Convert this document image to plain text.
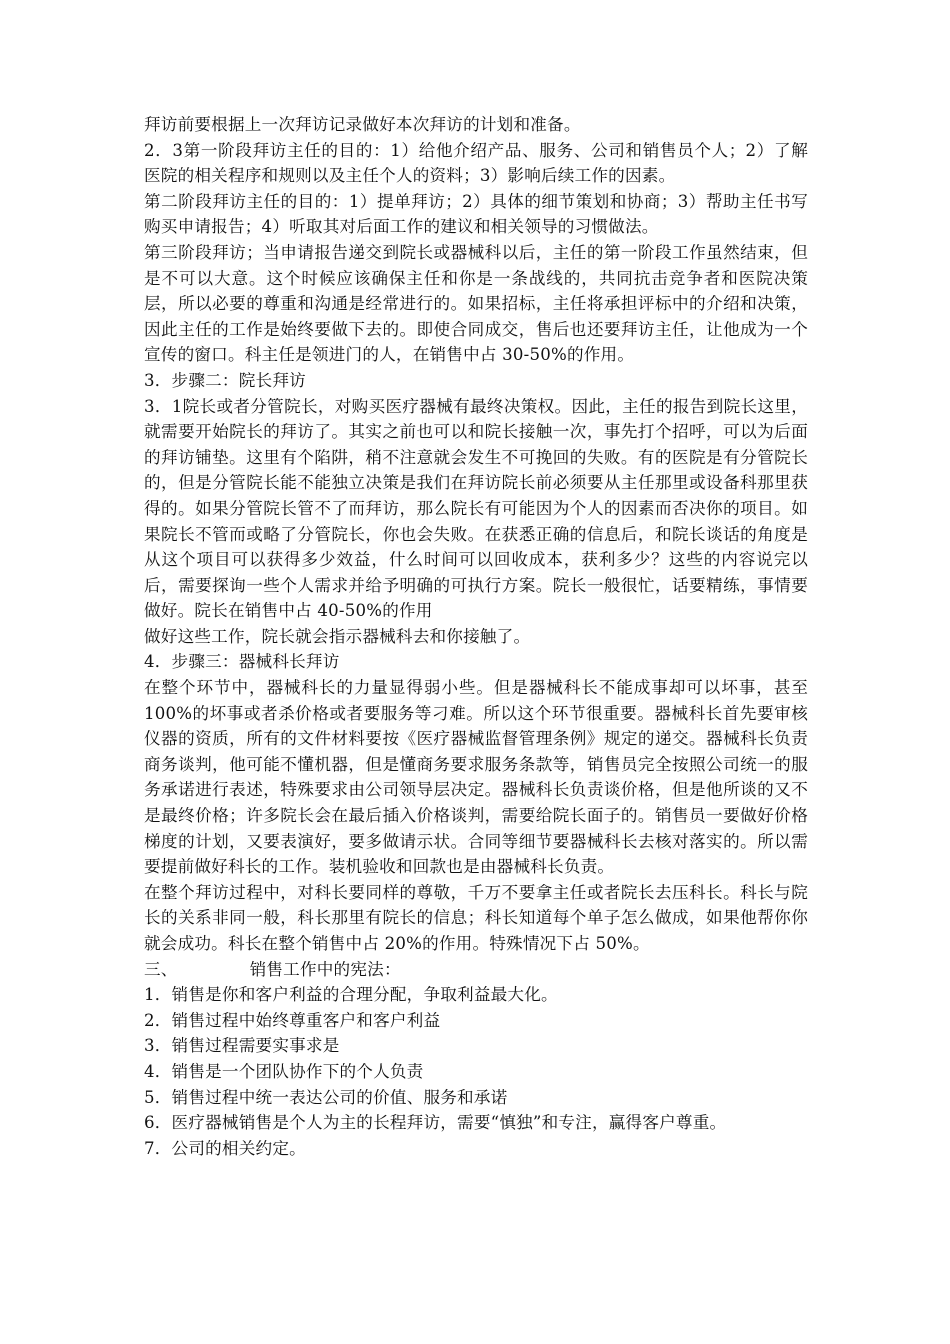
拜访前要根据上一次拜访记录做好本次拜访的计划和准备。

2．3第一阶段拜访主任的目的：1）给他介绍产品、服务、公司和销售员个人；2）了解医院的相关程序和规则以及主任个人的资料；3）影响后续工作的因素。

第二阶段拜访主任的目的：1）提单拜访；2）具体的细节策划和协商；3）帮助主任书写购买申请报告；4）听取其对后面工作的建议和相关领导的习惯做法。

第三阶段拜访；当申请报告递交到院长或器械科以后，主任的第一阶段工作虽然结束，但是不可以大意。这个时候应该确保主任和你是一条战线的，共同抗击竞争者和医院决策层，所以必要的尊重和沟通是经常进行的。如果招标，主任将承担评标中的介绍和决策，因此主任的工作是始终要做下去的。即使合同成交，售后也还要拜访主任，让他成为一个宣传的窗口。科主任是领进门的人，在销售中占 30-50%的作用。

3．步骤二：院长拜访

3．1院长或者分管院长，对购买医疗器械有最终决策权。因此，主任的报告到院长这里，就需要开始院长的拜访了。其实之前也可以和院长接触一次，事先打个招呼，可以为后面的拜访铺垫。这里有个陷阱，稍不注意就会发生不可挽回的失败。有的医院是有分管院长的，但是分管院长能不能独立决策是我们在拜访院长前必须要从主任那里或设备科那里获得的。如果分管院长管不了而拜访，那么院长有可能因为个人的因素而否决你的项目。如果院长不管而或略了分管院长，你也会失败。在获悉正确的信息后，和院长谈话的角度是从这个项目可以获得多少效益，什么时间可以回收成本，获利多少？这些的内容说完以后，需要探询一些个人需求并给予明确的可执行方案。院长一般很忙，话要精练，事情要做好。院长在销售中占 40-50%的作用

做好这些工作，院长就会指示器械科去和你接触了。

4．步骤三：器械科长拜访

在整个环节中，器械科长的力量显得弱小些。但是器械科长不能成事却可以坏事，甚至 100%的坏事或者杀价格或者要服务等刁难。所以这个环节很重要。器械科长首先要审核仪器的资质，所有的文件材料要按《医疗器械监督管理条例》规定的递交。器械科长负责商务谈判，他可能不懂机器，但是懂商务要求服务条款等，销售员完全按照公司统一的服务承诺进行表述，特殊要求由公司领导层决定。器械科长负责谈价格，但是他所谈的又不是最终价格；许多院长会在最后插入价格谈判，需要给院长面子的。销售员一要做好价格梯度的计划，又要表演好，要多做请示状。合同等细节要器械科长去核对落实的。所以需要提前做好科长的工作。装机验收和回款也是由器械科长负责。

在整个拜访过程中，对科长要同样的尊敬，千万不要拿主任或者院长去压科长。科长与院长的关系非同一般，科长那里有院长的信息；科长知道每个单子怎么做成，如果他帮你你就会成功。科长在整个销售中占 20%的作用。特殊情况下占 50%。

三、	销售工作中的宪法：

1．销售是你和客户利益的合理分配，争取利益最大化。

2．销售过程中始终尊重客户和客户利益

3．销售过程需要实事求是

4．销售是一个团队协作下的个人负责

5．销售过程中统一表达公司的价值、服务和承诺

6．医疗器械销售是个人为主的长程拜访，需要“慎独”和专注，赢得客户尊重。

7．公司的相关约定。
